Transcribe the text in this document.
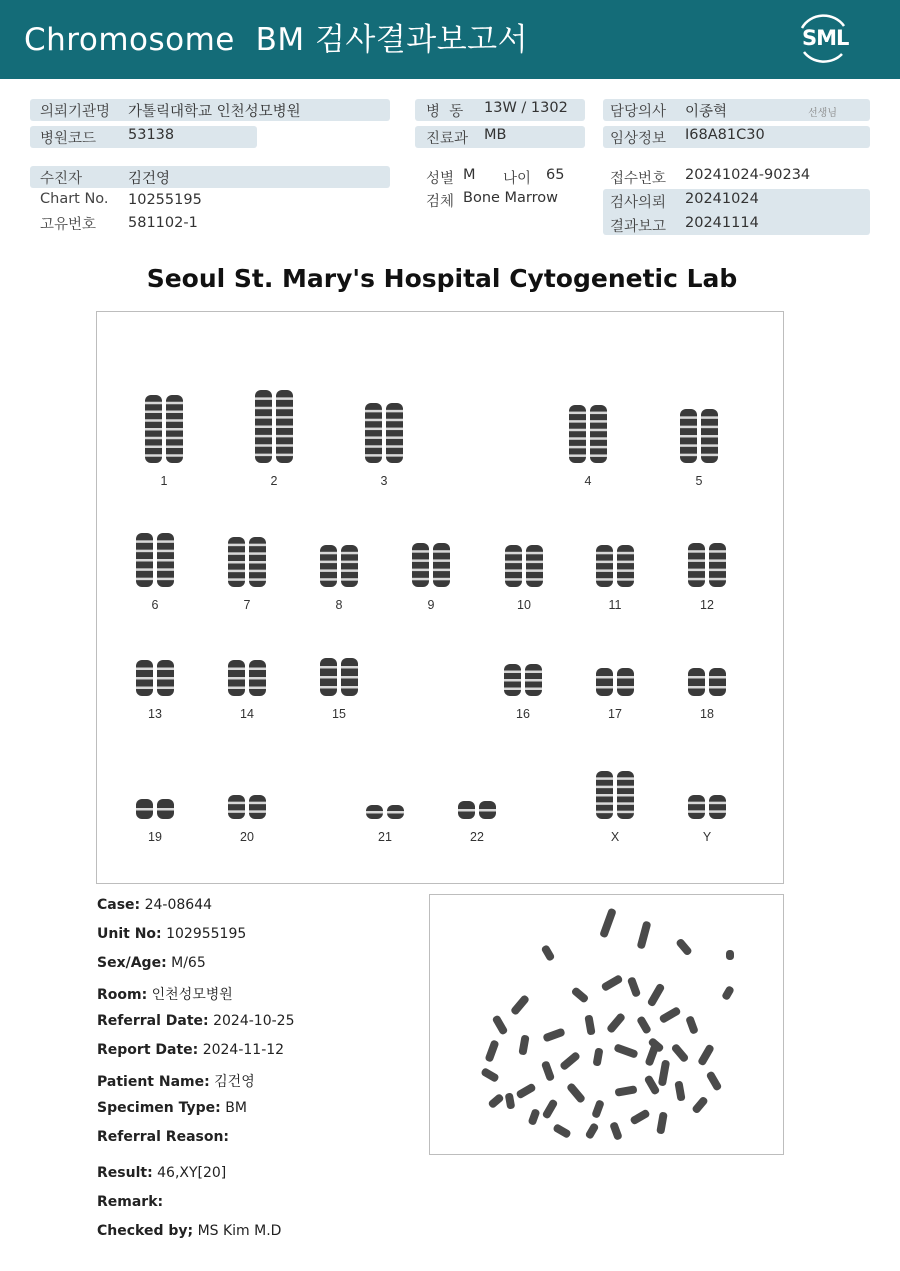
Chromosome  BM 검사결과보고서	SML
의뢰기관명 가톨릭대학교 인천성모병원
병원코드 53138
수진자	김건영
Chart No. 10255195
고유번호 581102-1
병  동 13W / 1302
진료과 MB
성별 M 나이 65
검체 Bone Marrow
담당의사 이종혁	선생님
임상정보 I68A81C30
접수번호 20241024-90234
검사의뢰 20241024
결과보고 20241114
Seoul St. Mary's Hospital Cytogenetic Lab
1	2	3	4	5
6	7	8	9	10	11	12
13	14	15	16	17	18
19	20	21	22	X	Y
Case: 24-08644
Unit No: 102955195
Sex/Age: M/65
Room: 인천성모병원
Referral Date: 2024-10-25
Report Date: 2024-11-12
Patient Name: 김건영
Specimen Type: BM
Referral Reason:
Result: 46,XY[20]
Remark:
Checked by; MS Kim M.D
